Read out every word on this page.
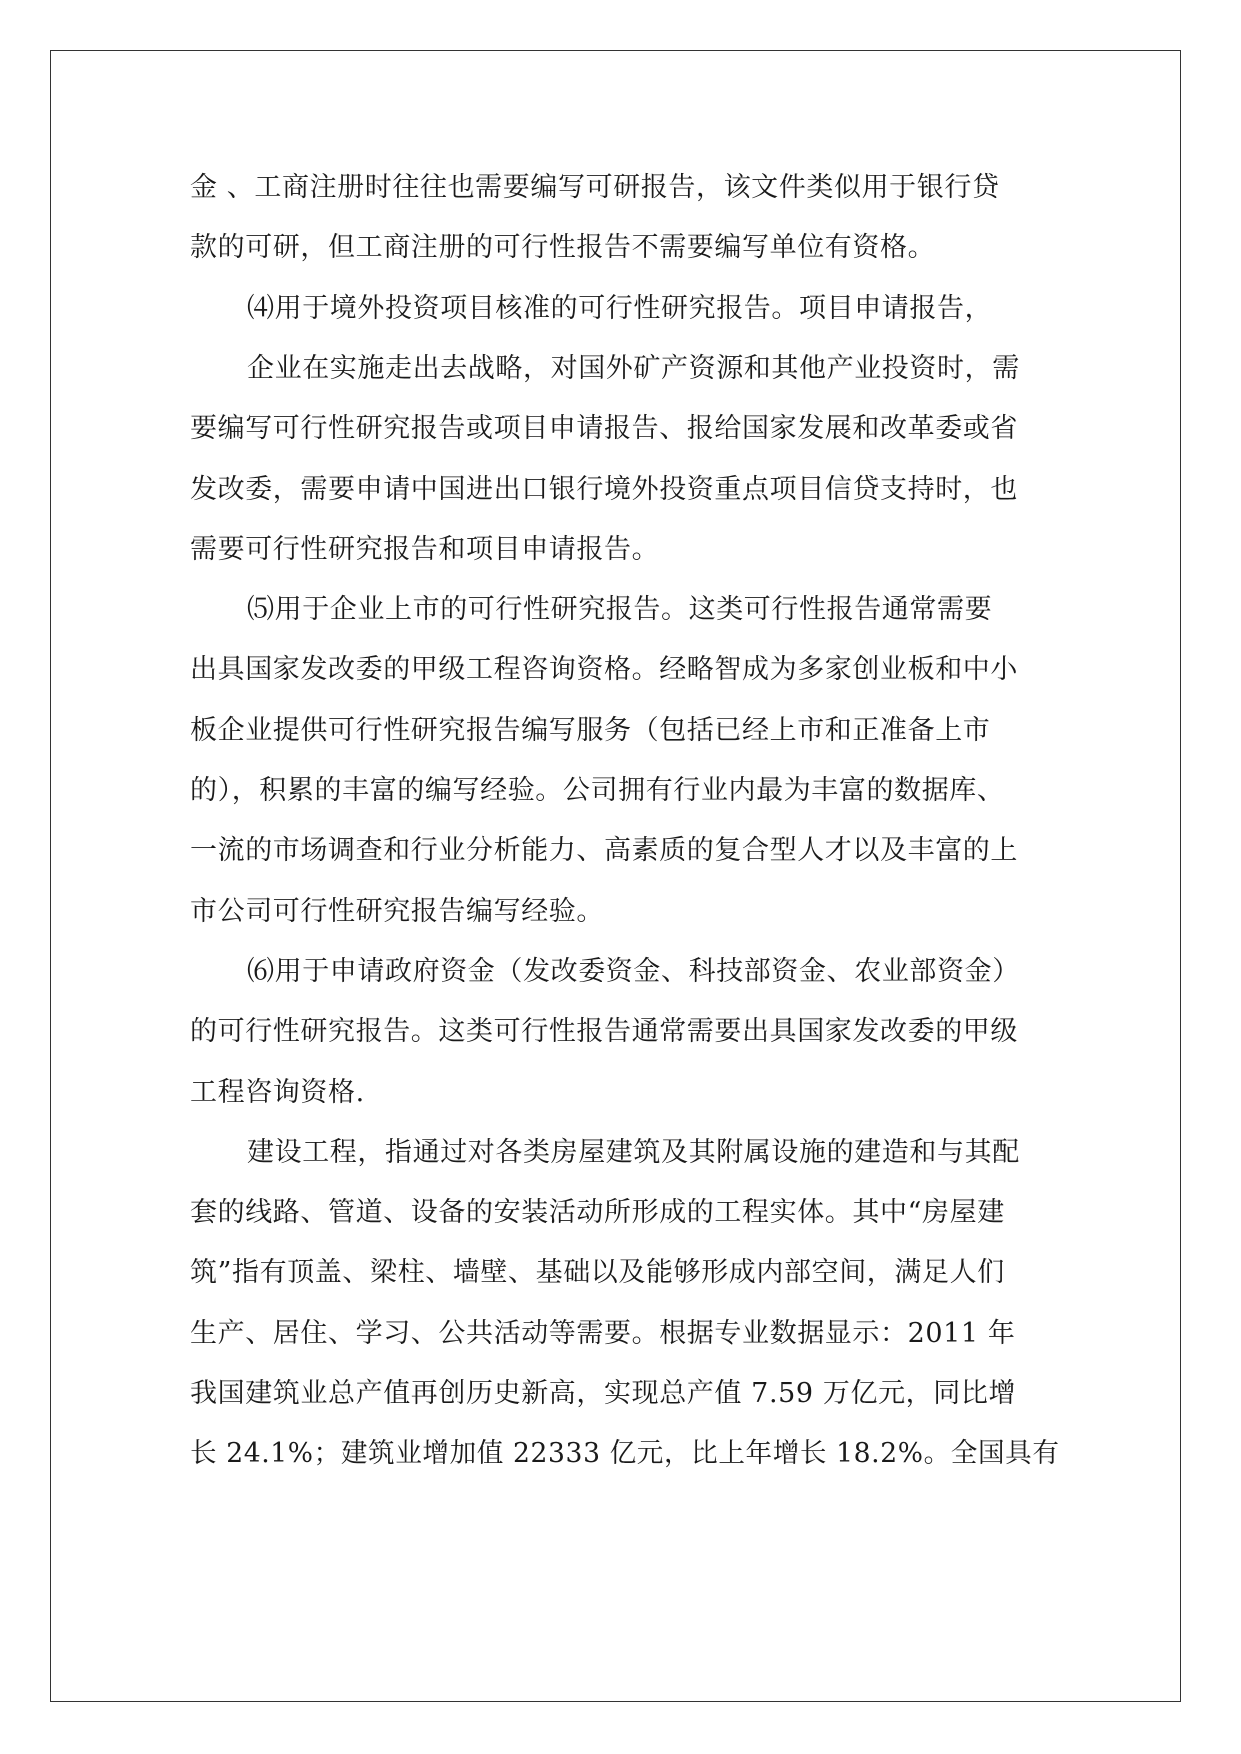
金 、工商注册时往往也需要编写可研报告，该文件类似用于银行贷
款的可研，但工商注册的可行性报告不需要编写单位有资格。
⑷用于境外投资项目核准的可行性研究报告。项目申请报告，
企业在实施走出去战略，对国外矿产资源和其他产业投资时，需
要编写可行性研究报告或项目申请报告、报给国家发展和改革委或省
发改委，需要申请中国进出口银行境外投资重点项目信贷支持时，也
需要可行性研究报告和项目申请报告。
⑸用于企业上市的可行性研究报告。这类可行性报告通常需要
出具国家发改委的甲级工程咨询资格。经略智成为多家创业板和中小
板企业提供可行性研究报告编写服务（包括已经上市和正准备上市
的），积累的丰富的编写经验。公司拥有行业内最为丰富的数据库、
一流的市场调查和行业分析能力、高素质的复合型人才以及丰富的上
市公司可行性研究报告编写经验。
⑹用于申请政府资金（发改委资金、科技部资金、农业部资金）
的可行性研究报告。这类可行性报告通常需要出具国家发改委的甲级
工程咨询资格.
建设工程，指通过对各类房屋建筑及其附属设施的建造和与其配
套的线路、管道、设备的安装活动所形成的工程实体。其中“房屋建
筑”指有顶盖、梁柱、墙壁、基础以及能够形成内部空间，满足人们
生产、居住、学习、公共活动等需要。根据专业数据显示：2011 年
我国建筑业总产值再创历史新高，实现总产值 7.59 万亿元，同比增
长 24.1%；建筑业增加值 22333 亿元，比上年增长 18.2%。全国具有
